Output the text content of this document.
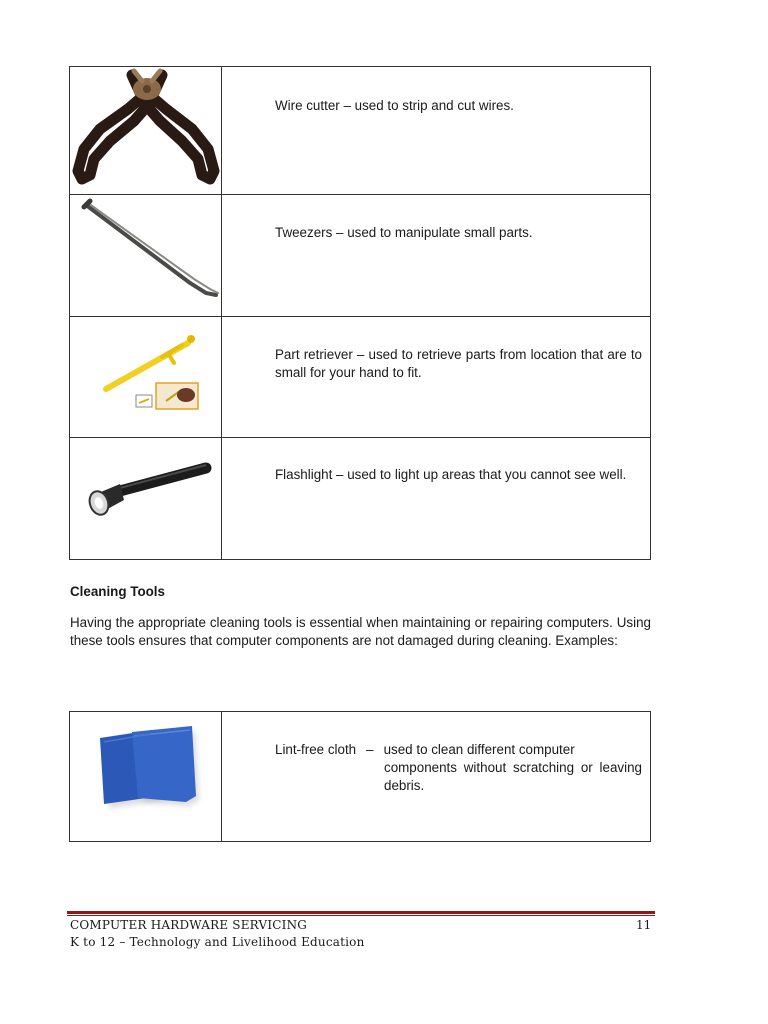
	Wire cutter – used to strip and cut wires.

	Tweezers – used to manipulate small parts.

	Part retriever – used to retrieve parts from location that are to small for your hand to fit.

	Flashlight – used to light up areas that you cannot see well.
Cleaning Tools

Having the appropriate cleaning tools is essential when maintaining or repairing computers. Using these tools ensures that computer components are not damaged during cleaning. Examples:

Lint-free cloth – used to clean different computer
components without scratching or leaving debris.
COMPUTER HARDWARE SERVICING	11
K to 12 – Technology and Livelihood Education
